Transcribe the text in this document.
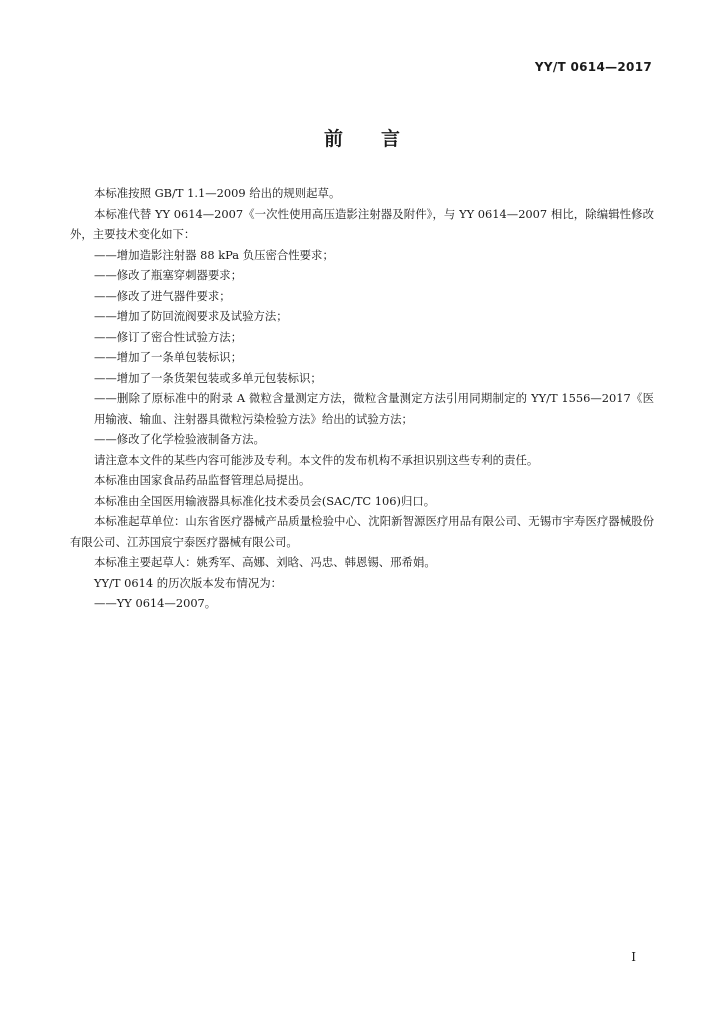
YY/T 0614—2017
前言

本标准按照 GB/T 1.1—2009 给出的规则起草。

本标准代替 YY 0614—2007《一次性使用高压造影注射器及附件》，与 YY 0614—2007 相比，除编辑性修改外，主要技术变化如下：

——增加造影注射器 88 kPa 负压密合性要求；

——修改了瓶塞穿刺器要求；

——修改了进气器件要求；

——增加了防回流阀要求及试验方法；

——修订了密合性试验方法；

——增加了一条单包装标识；

——增加了一条货架包装或多单元包装标识；

——删除了原标准中的附录 A 微粒含量测定方法，微粒含量测定方法引用同期制定的 YY/T 1556—2017《医用输液、输血、注射器具微粒污染检验方法》给出的试验方法；

——修改了化学检验液制备方法。

请注意本文件的某些内容可能涉及专利。本文件的发布机构不承担识别这些专利的责任。

本标准由国家食品药品监督管理总局提出。

本标准由全国医用输液器具标准化技术委员会(SAC/TC 106)归口。

本标准起草单位：山东省医疗器械产品质量检验中心、沈阳新智源医疗用品有限公司、无锡市宇寿医疗器械股份有限公司、江苏国宸宁泰医疗器械有限公司。

本标准主要起草人：姚秀军、高娜、刘晗、冯忠、韩恩锡、邢希娟。

YY/T 0614 的历次版本发布情况为：

——YY 0614—2007。

I
